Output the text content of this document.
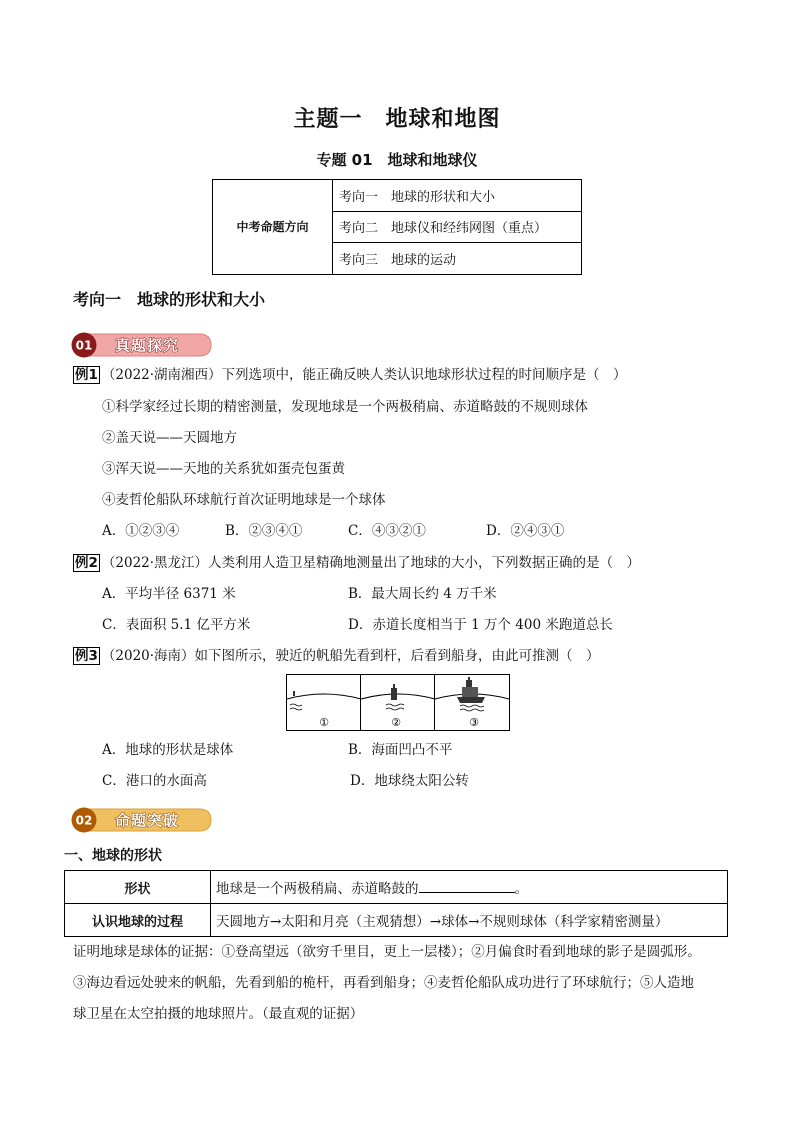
主题一　地球和地图
专题 01　地球和地球仪
中考命题方向	考向一　地球的形状和大小
考向二　地球仪和经纬网图（重点）
考向三　地球的运动
考向一　地球的形状和大小
01 真题探究
例1 （2022·湖南湘西）下列选项中，能正确反映人类认识地球形状过程的时间顺序是（　）
①科学家经过长期的精密测量，发现地球是一个两极稍扁、赤道略鼓的不规则球体
②盖天说——天圆地方
③浑天说——天地的关系犹如蛋壳包蛋黄
④麦哲伦船队环球航行首次证明地球是一个球体
A．①②③④	B．②③④①	C．④③②①	D．②④③①
例2 （2022·黑龙江）人类利用人造卫星精确地测量出了地球的大小，下列数据正确的是（　）
A．平均半径 6371 米	B．最大周长约 4 万千米
C．表面积 5.1 亿平方米	D．赤道长度相当于 1 万个 400 米跑道总长
例3 （2020·海南）如下图所示，驶近的帆船先看到杆，后看到船身，由此可推测（　）
①	②	③
A．地球的形状是球体	B．海面凹凸不平
C．港口的水面高	D．地球绕太阳公转
02 命题突破
一、地球的形状
形状	地球是一个两极稍扁、赤道略鼓的 。
认识地球的过程	天圆地方→太阳和月亮（主观猜想）→球体→不规则球体（科学家精密测量）
证明地球是球体的证据：①登高望远（欲穷千里目，更上一层楼）；②月偏食时看到地球的影子是圆弧形。
③海边看远处驶来的帆船，先看到船的桅杆，再看到船身；④麦哲伦船队成功进行了环球航行；⑤人造地
球卫星在太空拍摄的地球照片。（最直观的证据）
